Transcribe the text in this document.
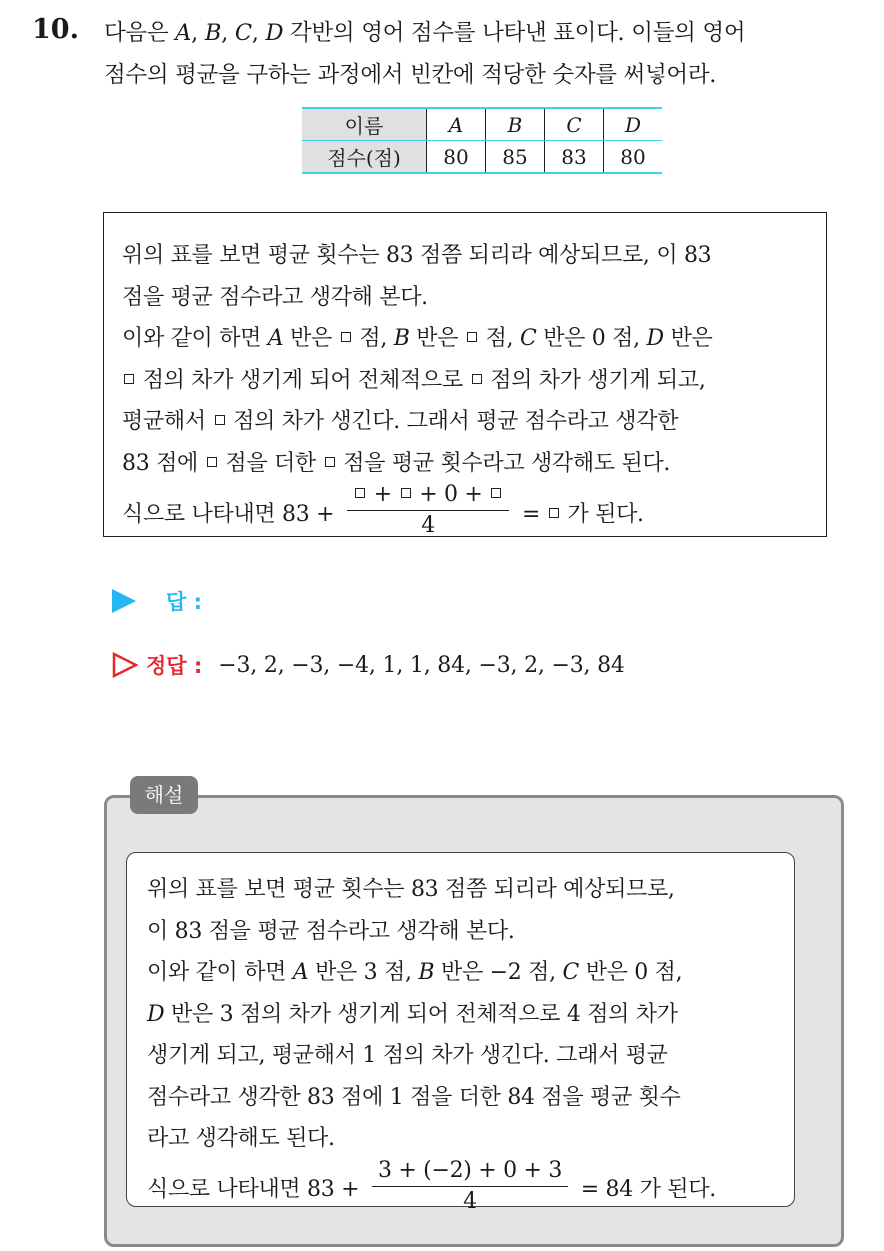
10. 다음은 A, B, C, D 각반의 영어 점수를 나타낸 표이다. 이들의 영어
점수의 평균을 구하는 과정에서 빈칸에 적당한 숫자를 써넣어라.
이름	A	B	C	D
점수(점)	80	85	83	80
위의 표를 보면 평균 횟수는 83 점쯤 되리라 예상되므로, 이 83
점을 평균 점수라고 생각해 본다.
이와 같이 하면 A 반은  점, B 반은  점, C 반은 0 점, D 반은
점의 차가 생기게 되어 전체적으로  점의 차가 생기게 되고,
평균해서  점의 차가 생긴다. 그래서 평균 점수라고 생각한
83 점에  점을 더한  점을 평균 횟수라고 생각해도 된다.
식으로 나타내면 $83 + \frac{+ + 0 +}{4}$ =  가 된다.
답 :
정답 : −3, 2, −3, −4, 1, 1, 84, −3, 2, −3, 84
해설
위의 표를 보면 평균 횟수는 83 점쯤 되리라 예상되므로,
이 83 점을 평균 점수라고 생각해 본다.
이와 같이 하면 A 반은 3 점, B 반은 −2 점, C 반은 0 점,
D 반은 3 점의 차가 생기게 되어 전체적으로 4 점의 차가
생기게 되고, 평균해서 1 점의 차가 생긴다. 그래서 평균
점수라고 생각한 83 점에 1 점을 더한 84 점을 평균 횟수
라고 생각해도 된다.
식으로 나타내면 $83 + \frac{3 + (-2) + 0 + 3}{4} = 84$ 가 된다.
